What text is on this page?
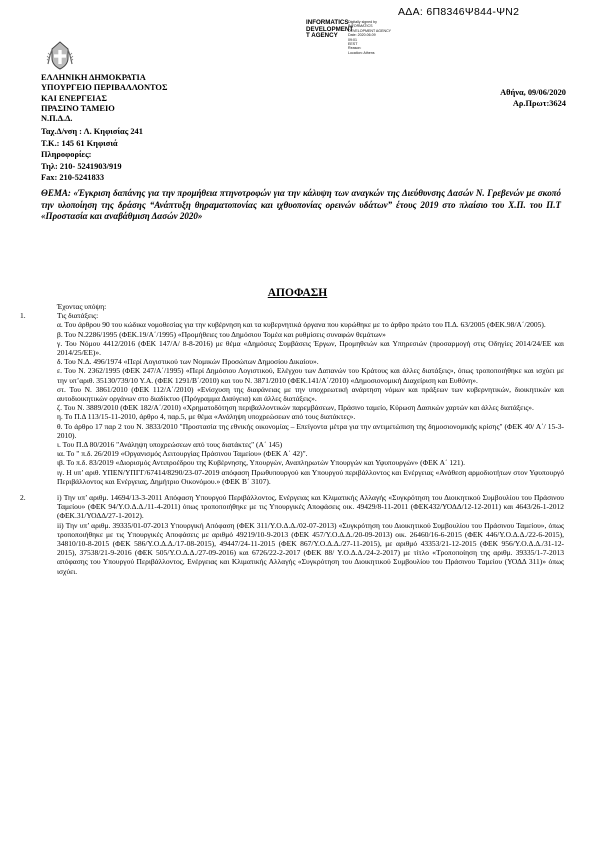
ΑΔΑ: 6Π8346Ψ844-ΨΝ2
INFORMATICS
DEVELOPMENT
T AGENCY
Digitally signed by
INFORMATICS
DEVELOPMENT AGENCY
Date: 2020.06.09
09:01
EEST
Reason:
Location: Athens
ΕΛΛΗΝΙΚΗ ΔΗΜΟΚΡΑΤΙΑ
ΥΠΟΥΡΓΕΙΟ ΠΕΡΙΒΑΛΛΟΝΤΟΣ
ΚΑΙ ΕΝΕΡΓΕΙΑΣ
ΠΡΑΣΙΝΟ ΤΑΜΕΙΟ
Ν.Π.Δ.Δ.
Ταχ.Δ/νση : Λ. Κηφισίας 241
Τ.Κ.: 145 61 Κηφισιά
Πληροφορίες:
Τηλ: 210- 5241903/919
Fax: 210-5241833
Αθήνα, 09/06/2020
Αρ.Πρωτ:3624
ΘΕΜΑ: «Έγκριση δαπάνης για την προμήθεια πτηνοτροφών για την κάλυψη των αναγκών της Διεύθυνσης Δασών Ν. Γρεβενών με σκοπό την υλοποίηση της δράσης “Ανάπτυξη θηραματοπονίας και ιχθυοπονίας ορεινών υδάτων” έτους 2019 στο πλαίσιο του Χ.Π. του Π.Τ «Προστασία και αναβάθμιση Δασών 2020»
ΑΠΟΦΑΣΗ

Έχοντας υπόψη:

1.	Τις διατάξεις:

α. Του άρθρου 90 του κώδικα νομοθεσίας για την κυβέρνηση και τα κυβερνητικά όργανα που κυρώθηκε με το άρθρο πρώτο του Π.Δ. 63/2005 (ΦΕΚ.98/Α΄/2005).

β. Του Ν.2286/1995 (ΦΕΚ.19/Α΄/1995) «Προμήθειες του Δημόσιου Τομέα και ρυθμίσεις συναφών θεμάτων»

γ. Του Νόμου 4412/2016 (ΦΕΚ 147/Α/ 8-8-2016) με θέμα «Δημόσιες Συμβάσεις Έργων, Προμηθειών και Υπηρεσιών (προσαρμογή στις Οδηγίες 2014/24/ΕΕ και 2014/25/ΕΕ)».

δ. Του Ν.Δ. 496/1974 «Περί Λογιστικού των Νομικών Προσώπων Δημοσίου Δικαίου».

ε. Του Ν. 2362/1995 (ΦΕΚ 247/Α΄/1995) «Περί Δημόσιου Λογιστικού, Ελέγχου των Δαπανών του Κράτους και άλλες διατάξεις», όπως τροποποιήθηκε και ισχύει με την υπ’αριθ. 35130/739/10 Υ.Α. (ΦΕΚ 1291/Β΄/2010) και του Ν. 3871/2010 (ΦΕΚ.141/Α΄/2010) «Δημοσιονομική Διαχείριση και Ευθύνη».

στ. Του Ν. 3861/2010 (ΦΕΚ 112/Α΄/2010) «Ενίσχυση της διαφάνειας με την υποχρεωτική ανάρτηση νόμων και πράξεων των κυβερνητικών, διοικητικών και αυτοδιοικητικών οργάνων στο διαδίκτυο (Πρόγραμμα Διαύγεια) και άλλες διατάξεις».

ζ. Του Ν. 3889/2010 (ΦΕΚ 182/Α΄/2010) «Χρηματοδότηση περιβαλλοντικών παρεμβάσεων, Πράσινο ταμείο, Κύρωση Δασικών χαρτών και άλλες διατάξεις».

η. Το Π.Δ 113/15-11-2010, άρθρο 4, παρ.5, με θέμα «Ανάληψη υποχρεώσεων από τους διατάκτες».

θ. Το άρθρο 17 παρ 2 του Ν. 3833/2010 "Προστασία της εθνικής οικονομίας – Επείγοντα μέτρα για την αντιμετώπιση της δημοσιονομικής κρίσης" (ΦΕΚ 40/ Α΄/ 15-3-2010).

ι. Του Π.Δ 80/2016 "Ανάληψη υποχρεώσεων από τους διατάκτες" (Α΄ 145)

ια. Το " π.δ. 26/2019 «Οργανισμός Λειτουργίας Πράσινου Ταμείου» (ΦΕΚ Α΄ 42)".

ιβ. Το π.δ. 83/2019 «Διορισμός Αντιπροέδρου της Κυβέρνησης, Υπουργών, Αναπληρωτών Υπουργών και Υφυπουργών» (ΦΕΚ Α΄ 121).

ιγ. Η υπ’ αριθ. ΥΠΕΝ/ΥΠΓΓ/67414/8290/23-07-2019 απόφαση Πρωθυπουργού και Υπουργού περιβάλλοντος και Ενέργειας «Ανάθεση αρμοδιοτήτων στον Υφυπουργό Περιβάλλοντος και Ενέργειας, Δημήτριο Οικονόμου.» (ΦΕΚ Β΄ 3107).

2.	i) Την υπ’ αριθμ. 14694/13-3-2011 Απόφαση Υπουργού Περιβάλλοντος, Ενέργειας και Κλιματικής Αλλαγής «Συγκρότηση του Διοικητικού Συμβουλίου του Πράσινου Ταμείου» (ΦΕΚ 94/Υ.Ο.Δ.Δ./11-4-2011) όπως τροποποιήθηκε με τις Υπουργικές Αποφάσεις οικ. 49429/8-11-2011 (ΦΕΚ432/ΥΟΔΔ/12-12-2011) και 4643/26-1-2012 (ΦΕΚ.31/ΥΟΔΔ/27-1-2012).

ii) Την υπ’ αριθμ. 39335/01-07-2013 Υπουργική Απόφαση (ΦΕΚ 311/Υ.Ο.Δ.Δ./02-07-2013) «Συγκρότηση του Διοικητικού Συμβουλίου του Πράσινου Ταμείου», όπως τροποποιήθηκε με τις Υπουργικές Αποφάσεις με αριθμό 49219/10-9-2013 (ΦΕΚ 457/Υ.Ο.Δ.Δ./20-09-2013) οικ. 26460/16-6-2015 (ΦΕΚ 446/Υ.Ο.Δ.Δ./22-6-2015), 34810/10-8-2015 (ΦΕΚ 586/Υ.Ο.Δ.Δ./17-08-2015), 49447/24-11-2015 (ΦΕΚ 867/Υ.Ο.Δ.Δ./27-11-2015), με αριθμό 43353/21-12-2015 (ΦΕΚ 956/Υ.Ο.Δ.Δ./31-12-2015), 37538/21-9-2016 (ΦΕΚ 505/Υ.Ο.Δ.Δ./27-09-2016) και 6726/22-2-2017 (ΦΕΚ 88/ Υ.Ο.Δ.Δ./24-2-2017) με τίτλο «Τροποποίηση της αριθμ. 39335/1-7-2013 απόφασης του Υπουργού Περιβάλλοντος, Ενέργειας και Κλιματικής Αλλαγής «Συγκρότηση του Διοικητικού Συμβουλίου του Πράσινου Ταμείου (ΥΟΔΔ 311)» όπως ισχύει.
